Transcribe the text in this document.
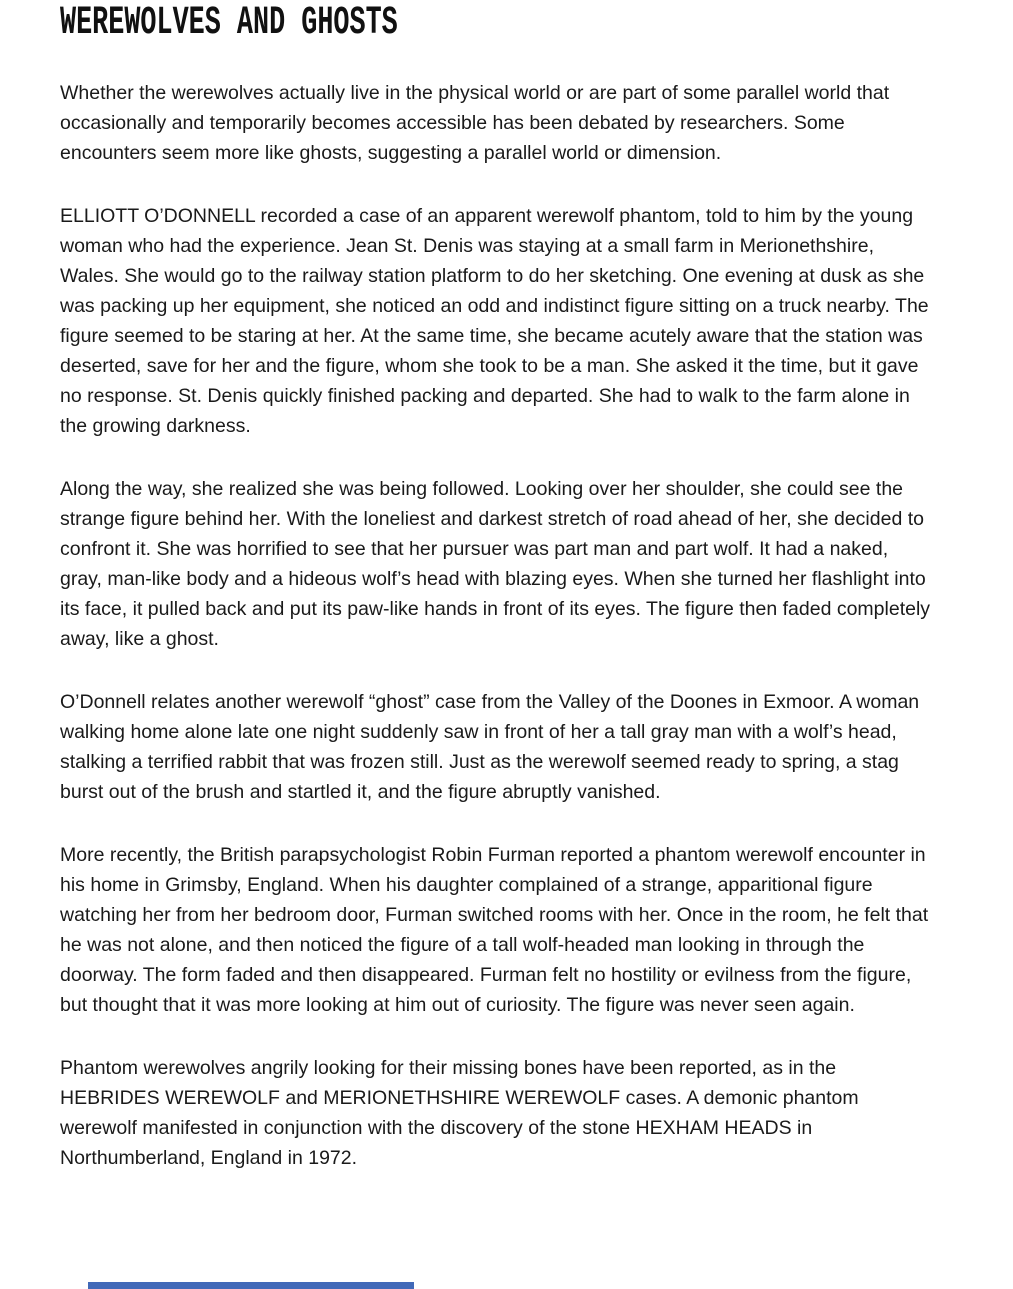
WEREWOLVES AND GHOSTS

Whether the werewolves actually live in the physical world or are part of some parallel world that occasionally and temporarily becomes accessible has been debated by researchers. Some encounters seem more like ghosts, suggesting a parallel world or dimension.

ELLIOTT O’DONNELL recorded a case of an apparent werewolf phantom, told to him by the young woman who had the experience. Jean St. Denis was staying at a small farm in Merionethshire, Wales. She would go to the railway station platform to do her sketching. One evening at dusk as she was packing up her equipment, she noticed an odd and indistinct figure sitting on a truck nearby. The figure seemed to be staring at her. At the same time, she became acutely aware that the station was deserted, save for her and the figure, whom she took to be a man. She asked it the time, but it gave no response. St. Denis quickly finished packing and departed. She had to walk to the farm alone in the growing darkness.

Along the way, she realized she was being followed. Looking over her shoulder, she could see the strange figure behind her. With the loneliest and darkest stretch of road ahead of her, she decided to confront it. She was horrified to see that her pursuer was part man and part wolf. It had a naked, gray, man-like body and a hideous wolf’s head with blazing eyes. When she turned her flashlight into its face, it pulled back and put its paw-like hands in front of its eyes. The figure then faded completely away, like a ghost.

O’Donnell relates another werewolf “ghost” case from the Valley of the Doones in Exmoor. A woman walking home alone late one night suddenly saw in front of her a tall gray man with a wolf’s head, stalking a terrified rabbit that was frozen still. Just as the werewolf seemed ready to spring, a stag burst out of the brush and startled it, and the figure abruptly vanished.

More recently, the British parapsychologist Robin Furman reported a phantom werewolf encounter in his home in Grimsby, England. When his daughter complained of a strange, apparitional figure watching her from her bedroom door, Furman switched rooms with her. Once in the room, he felt that he was not alone, and then noticed the figure of a tall wolf-headed man looking in through the doorway. The form faded and then disappeared. Furman felt no hostility or evilness from the figure, but thought that it was more looking at him out of curiosity. The figure was never seen again.

Phantom werewolves angrily looking for their missing bones have been reported, as in the HEBRIDES WEREWOLF and MERIONETHSHIRE WEREWOLF cases. A demonic phantom werewolf manifested in conjunction with the discovery of the stone HEXHAM HEADS in Northumberland, England in 1972.
